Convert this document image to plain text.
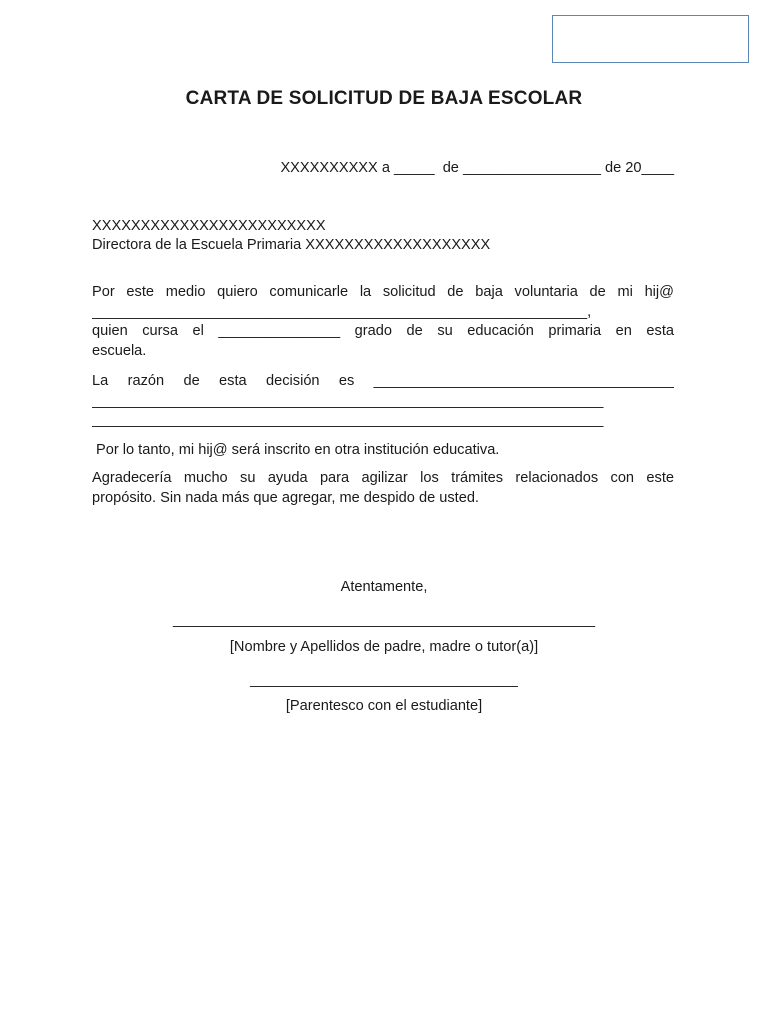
CARTA DE SOLICITUD DE BAJA ESCOLAR
XXXXXXXXXX a _____  de _________________ de 20____
XXXXXXXXXXXXXXXXXXXXXXXX
Directora de la Escuela Primaria XXXXXXXXXXXXXXXXXXX
Por este medio quiero comunicarle la solicitud de baja voluntaria de mi hij@
_____________________________________________________________,
quien cursa el _______________ grado de su educación primaria en esta
escuela.
La razón de esta decisión es _____________________________________
_______________________________________________________________
_______________________________________________________________
Por lo tanto, mi hij@ será inscrito en otra institución educativa.
Agradecería mucho su ayuda para agilizar los trámites relacionados con este
propósito. Sin nada más que agregar, me despido de usted.
Atentamente,
____________________________________________________
[Nombre y Apellidos de padre, madre o tutor(a)]
_________________________________
[Parentesco con el estudiante]
